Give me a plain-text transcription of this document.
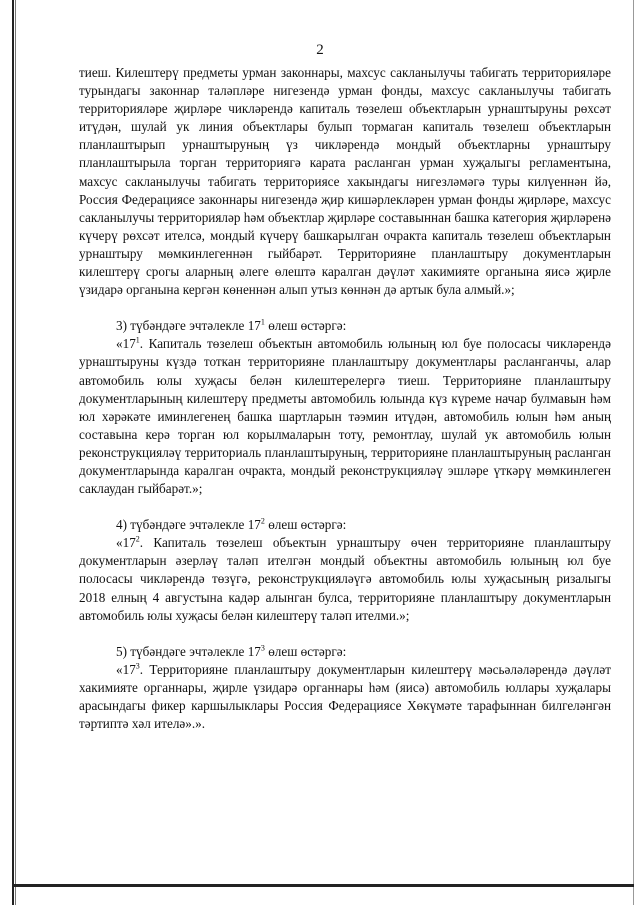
2

тиеш. Килештерү предметы урман законнары, махсус сакланылучы табигать территорияләре турындагы законнар таләпләре нигезендә урман фонды, махсус сакланылучы табигать территорияләре җирләре чикләрендә капиталь төзелеш объектларын урнаштыруны рөхсәт итүдән, шулай ук линия объектлары булып тормаган капиталь төзелеш объектларын планлаштырып урнаштыруның үз чикләрендә мондый объектларны урнаштыру планлаштырыла торган территориягә карата расланган урман хуҗалыгы регламентына, махсус сакланылучы табигать территориясе хакындагы нигезләмәгә туры килүеннән йә, Россия Федерациясе законнары нигезендә җир кишәрлекләрен урман фонды җирләре, махсус сакланылучы территорияләр һәм объектлар җирләре составыннан башка категория җирләренә күчерү рөхсәт ителсә, мондый күчерү башкарылган очракта капиталь төзелеш объектларын урнаштыру мөмкинлегеннән гыйбарәт. Территорияне планлаштыру документларын килештерү срогы аларның әлеге өлештә каралган дәүләт хакимияте органына яисә җирле үзидарә органына кергән көненнән алып утыз көннән дә артык була алмый.»;

3) түбәндәге эчтәлекле $17^1$ өлеш өстәргә:

«$17^1$. Капиталь төзелеш объектын автомобиль юлының юл буе полосасы чикләрендә урнаштыруны күздә тоткан территорияне планлаштыру документлары расланганчы, алар автомобиль юлы хуҗасы белән килештерелергә тиеш. Территорияне планлаштыру документларының килештерү предметы автомобиль юлында күз күреме начар булмавын һәм юл хәрәкәте иминлегенең башка шартларын тәэмин итүдән, автомобиль юлын һәм аның составына керә торган юл корылмаларын тоту, ремонтлау, шулай ук автомобиль юлын реконструкцияләү территориаль планлаштыруның, территорияне планлаштыруның расланган документларында каралган очракта, мондый реконструкцияләү эшләре үткәрү мөмкинлеген саклаудан гыйбарәт.»;

4) түбәндәге эчтәлекле $17^2$ өлеш өстәргә:

«$17^2$. Капиталь төзелеш объектын урнаштыру өчен территорияне планлаштыру документларын әзерләү таләп ителгән мондый объектны автомобиль юлының юл буе полосасы чикләрендә төзүгә, реконструкцияләүгә автомобиль юлы хуҗасының ризалыгы 2018 елның 4 августына кадәр алынган булса, территорияне планлаштыру документларын автомобиль юлы хуҗасы белән килештерү таләп ителми.»;

5) түбәндәге эчтәлекле $17^3$ өлеш өстәргә:

«$17^3$. Территорияне планлаштыру документларын килештерү мәсьәләләрендә дәүләт хакимияте органнары, җирле үзидарә органнары һәм (яисә) автомобиль юллары хуҗалары арасындагы фикер каршылыклары Россия Федерациясе Хөкүмәте тарафыннан билгеләнгән тәртиптә хәл ителә».».
